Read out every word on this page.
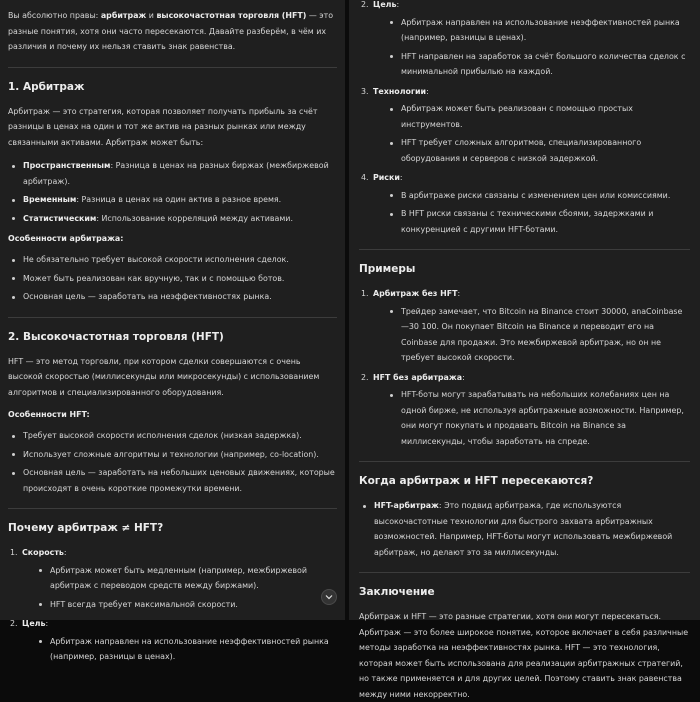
Вы абсолютно правы: арбитраж и высокочастотная торговля (HFT) — это разные понятия, хотя они часто пересекаются. Давайте разберём, в чём их различия и почему их нельзя ставить знак равенства.

1. Арбитраж

Арбитраж — это стратегия, которая позволяет получать прибыль за счёт разницы в ценах на один и тот же актив на разных рынках или между связанными активами. Арбитраж может быть:

Пространственным: Разница в ценах на разных биржах (межбиржевой арбитраж).
Временным: Разница в ценах на один актив в разное время.
Статистическим: Использование корреляций между активами.
Особенности арбитража:
Не обязательно требует высокой скорости исполнения сделок.
Может быть реализован как вручную, так и с помощью ботов.
Основная цель — заработать на неэффективностях рынка.
2. Высокочастотная торговля (HFT)

HFT — это метод торговли, при котором сделки совершаются с очень высокой скоростью (миллисекунды или микросекунды) с использованием алгоритмов и специализированного оборудования.

Особенности HFT:
Требует высокой скорости исполнения сделок (низкая задержка).
Использует сложные алгоритмы и технологии (например, co-location).
Основная цель — заработать на небольших ценовых движениях, которые происходят в очень короткие промежутки времени.
Почему арбитраж ≠ HFT?
1. Скорость:
Арбитраж может быть медленным (например, межбиржевой арбитраж с переводом средств между биржами).
HFT всегда требует максимальной скорости.
2. Цель:
Арбитраж направлен на использование неэффективностей рынка (например, разницы в ценах).
2. Цель:
Арбитраж направлен на использование неэффективностей рынка (например, разницы в ценах).
HFT направлен на заработок за счёт большого количества сделок с минимальной прибылью на каждой.
3. Технологии:
Арбитраж может быть реализован с помощью простых инструментов.
HFT требует сложных алгоритмов, специализированного оборудования и серверов с низкой задержкой.
4. Риски:
В арбитраже риски связаны с изменением цен или комиссиями.
В HFT риски связаны с техническими сбоями, задержками и конкуренцией с другими HFT-ботами.
Примеры
1. Арбитраж без HFT:
Трейдер замечает, что Bitcoin на Binance стоит 30000, anaCoinbase—30 100. Он покупает Bitcoin на Binance и переводит его на Coinbase для продажи. Это межбиржевой арбитраж, но он не требует высокой скорости.
2. HFT без арбитража:
HFT-боты могут зарабатывать на небольших колебаниях цен на одной бирже, не используя арбитражные возможности. Например, они могут покупать и продавать Bitcoin на Binance за миллисекунды, чтобы заработать на спреде.
Когда арбитраж и HFT пересекаются?
HFT-арбитраж: Это подвид арбитража, где используются высокочастотные технологии для быстрого захвата арбитражных возможностей. Например, HFT-боты могут использовать межбиржевой арбитраж, но делают это за миллисекунды.
Заключение

Арбитраж и HFT — это разные стратегии, хотя они могут пересекаться. Арбитраж — это более широкое понятие, которое включает в себя различные методы заработка на неэффективностях рынка. HFT — это технология, которая может быть использована для реализации арбитражных стратегий, но также применяется и для других целей. Поэтому ставить знак равенства между ними некорректно.
